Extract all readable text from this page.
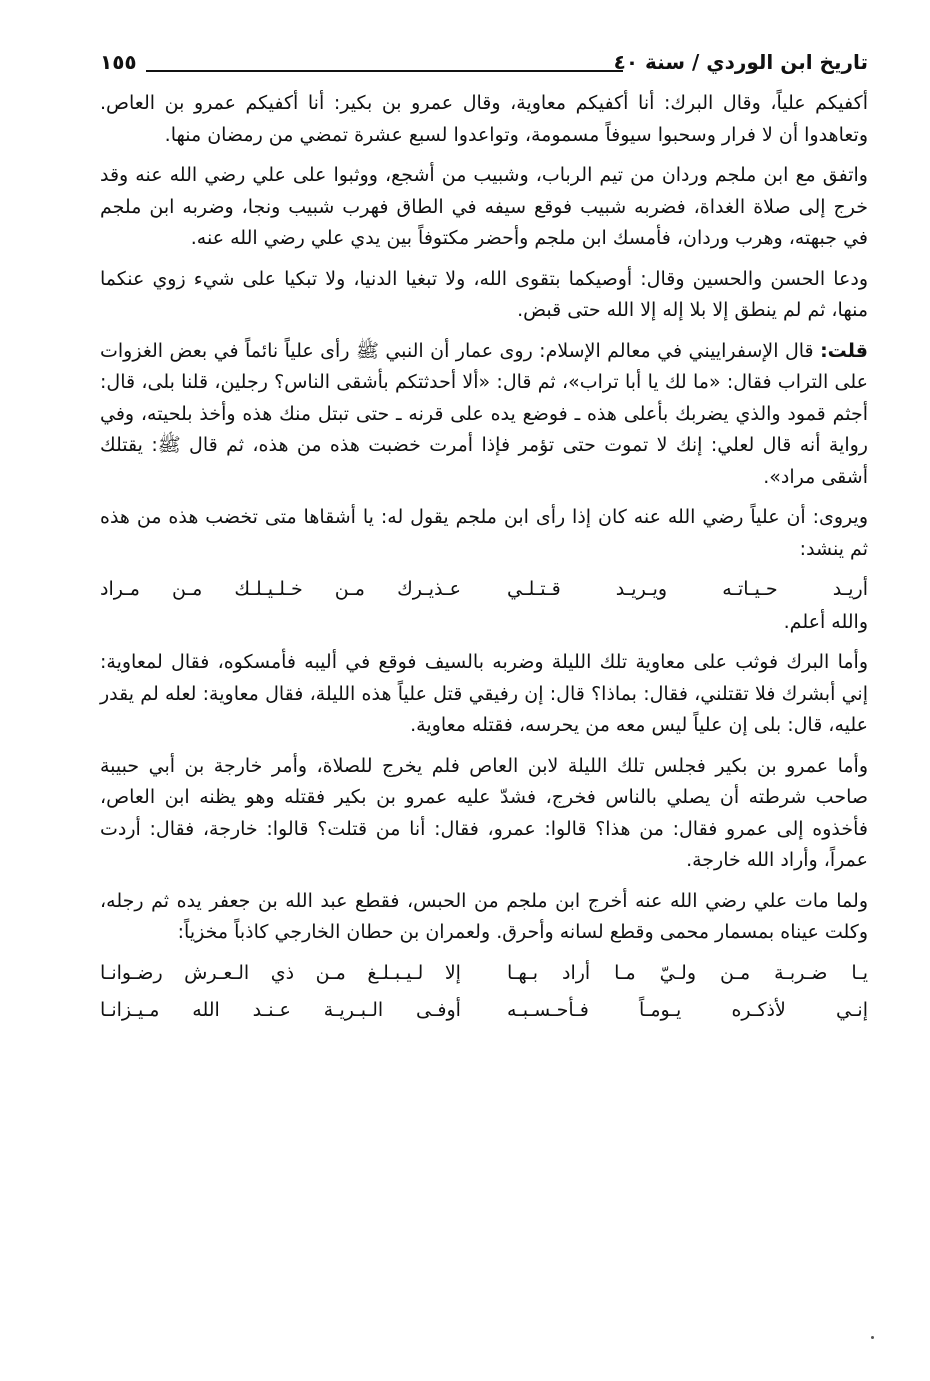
تاريخ ابن الوردي / سنة ٤٠
١٥٥

أكفيكم علياً، وقال البرك: أنا أكفيكم معاوية، وقال عمرو بن بكير: أنا أكفيكم عمرو بن العاص. وتعاهدوا أن لا فرار وسحبوا سيوفاً مسمومة، وتواعدوا لسبع عشرة تمضي من رمضان منها.

واتفق مع ابن ملجم وردان من تيم الرباب، وشبيب من أشجع، ووثبوا على علي رضي الله عنه وقد خرج إلى صلاة الغداة، فضربه شبيب فوقع سيفه في الطاق فهرب شبيب ونجا، وضربه ابن ملجم في جبهته، وهرب وردان، فأمسك ابن ملجم وأحضر مكتوفاً بين يدي علي رضي الله عنه.

ودعا الحسن والحسين وقال: أوصيكما بتقوى الله، ولا تبغيا الدنيا، ولا تبكيا على شيء زوي عنكما منها، ثم لم ينطق إلا بلا إله إلا الله حتى قبض.

قلت: قال الإسفراييني في معالم الإسلام: روى عمار أن النبي ﷺ رأى علياً نائماً في بعض الغزوات على التراب فقال: «ما لك يا أبا تراب»، ثم قال: «ألا أحدثتكم بأشقى الناس؟ رجلين، قلنا بلى، قال: أجثم قمود والذي يضربك بأعلى هذه ـ فوضع يده على قرنه ـ حتى تبتل منك هذه وأخذ بلحيته، وفي رواية أنه قال لعلي: إنك لا تموت حتى تؤمر فإذا أمرت خضبت هذه من هذه، ثم قال ﷺ: يقتلك أشقى مراد».

ويروى: أن علياً رضي الله عنه كان إذا رأى ابن ملجم يقول له: يا أشقاها متى تخضب هذه من هذه ثم ينشد:

أريـد حـيـاتـه ويـريـد قـتـلـي
عـذيـرك مـن خـلـيـلـك مـن مـراد

والله أعلم.

وأما البرك فوثب على معاوية تلك الليلة وضربه بالسيف فوقع في أليبه فأمسكوه، فقال لمعاوية: إني أبشرك فلا تقتلني، فقال: بماذا؟ قال: إن رفيقي قتل علياً هذه الليلة، فقال معاوية: لعله لم يقدر عليه، قال: بلى إن علياً ليس معه من يحرسه، فقتله معاوية.

وأما عمرو بن بكير فجلس تلك الليلة لابن العاص فلم يخرج للصلاة، وأمر خارجة بن أبي حبيبة صاحب شرطته أن يصلي بالناس فخرج، فشدّ عليه عمرو بن بكير فقتله وهو يظنه ابن العاص، فأخذوه إلى عمرو فقال: من هذا؟ قالوا: عمرو، فقال: أنا من قتلت؟ قالوا: خارجة، فقال: أردت عمراً، وأراد الله خارجة.

ولما مات علي رضي الله عنه أخرج ابن ملجم من الحبس، فقطع عبد الله بن جعفر يده ثم رجله، وكلت عيناه بمسمار محمى وقطع لسانه وأحرق. ولعمران بن حطان الخارجي كاذباً مخزياً:

يـا ضـربـة مـن ولـيّ مـا أراد بـهـا
إلا لـيـبـلـغ مـن ذي الـعـرش رضـوانـا
إنـي لأذكـره يـومـاً فـأحـسـبـه
أوفـى الـبـريـة عـنـد الله مـيـزانـا
